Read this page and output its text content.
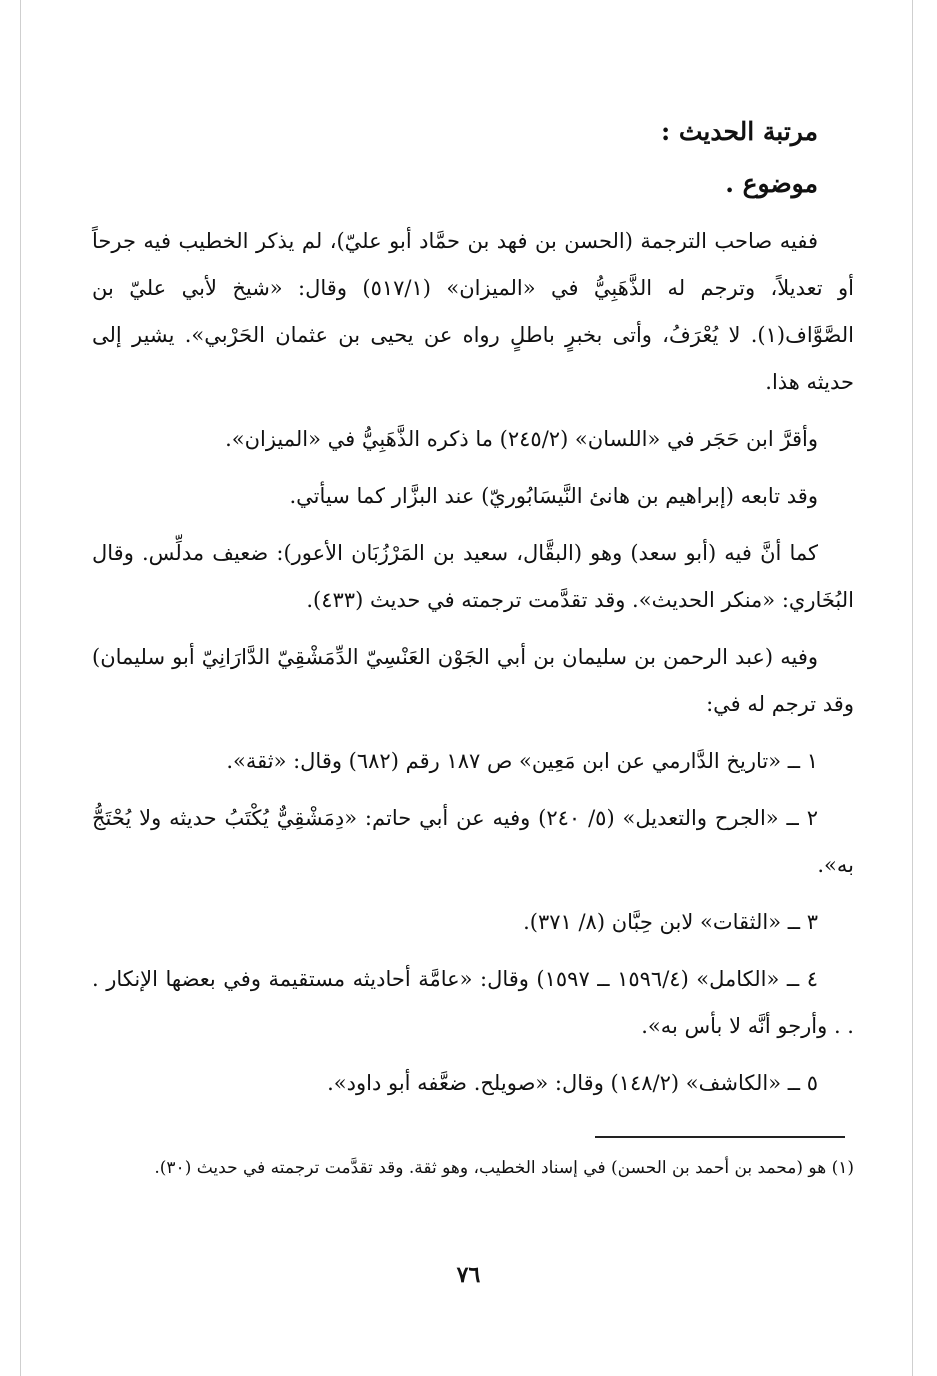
مرتبة الحديث :
موضوع .

ففيه صاحب الترجمة (الحسن بن فهد بن حمَّاد أبو عليّ)، لم يذكر الخطيب فيه جرحاً أو تعديلاً، وترجم له الذَّهَبِيُّ في «الميزان» (٥١٧/١) وقال: «شيخ لأبي عليّ بن الصَّوَّاف(١). لا يُعْرَفُ، وأتى بخبرٍ باطلٍ رواه عن يحيى بن عثمان الحَرْبي». يشير إلى حديثه هذا.

وأقرَّ ابن حَجَر في «اللسان» (٢٤٥/٢) ما ذكره الذَّهَبِيُّ في «الميزان».

وقد تابعه (إبراهيم بن هانئ النَّيسَابُوريّ) عند البزَّار كما سيأتي.

كما أنَّ فيه (أبو سعد) وهو (البقَّال، سعيد بن المَرْزُبَان الأعور): ضعيف مدلِّس. وقال البُخَاري: «منكر الحديث». وقد تقدَّمت ترجمته في حديث (٤٣٣).

وفيه (عبد الرحمن بن سليمان بن أبي الجَوْن العَنْسِيّ الدِّمَشْقِيّ الدَّارَانِيّ أبو سليمان) وقد ترجم له في:

١ ــ «تاريخ الدَّارمي عن ابن مَعِين» ص ١٨٧ رقم (٦٨٢) وقال: «ثقة».

٢ ــ «الجرح والتعديل» (٥/ ٢٤٠) وفيه عن أبي حاتم: «دِمَشْقِيٌّ يُكْتَبُ حديثه ولا يُحْتَجُّ به».

٣ ــ «الثقات» لابن حِبَّان (٨/ ٣٧١).

٤ ــ «الكامل» (١٥٩٦/٤ ــ ١٥٩٧) وقال: «عامَّة أحاديثه مستقيمة وفي بعضها الإنكار . . . وأرجو أنَّه لا بأس به».

٥ ــ «الكاشف» (١٤٨/٢) وقال: «صويلح. ضعَّفه أبو داود».

(١) هو (محمد بن أحمد بن الحسن) في إسناد الخطيب، وهو ثقة. وقد تقدَّمت ترجمته في حديث (٣٠).

٧٦
